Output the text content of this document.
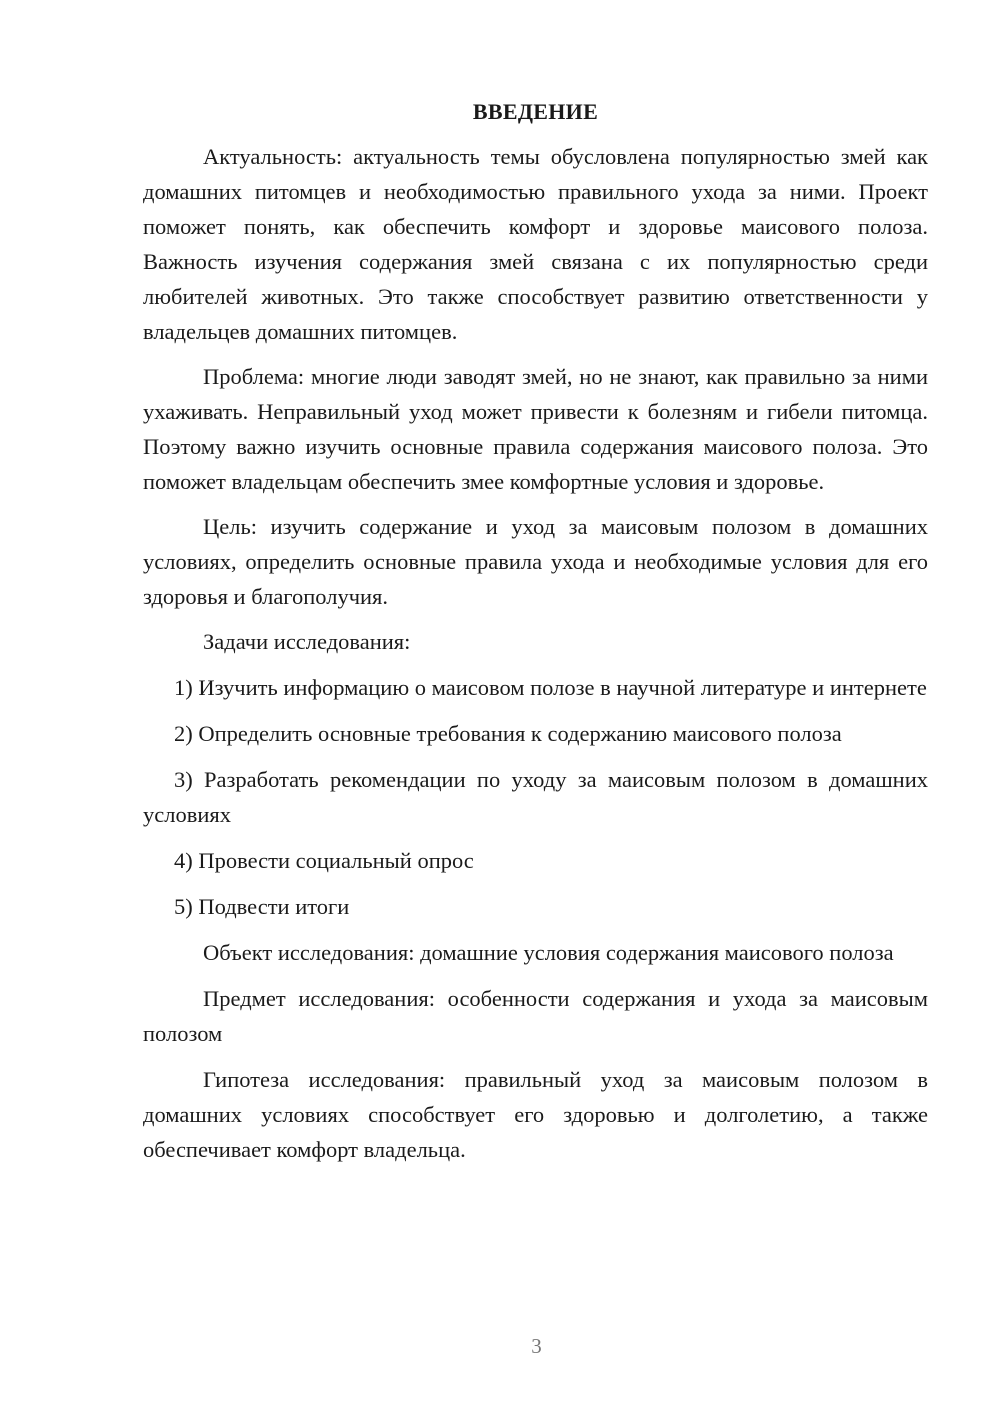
ВВЕДЕНИЕ

Актуальность: актуальность темы обусловлена популярностью змей как домашних питомцев и необходимостью правильного ухода за ними. Проект поможет понять, как обеспечить комфорт и здоровье маисового полоза. Важность изучения содержания змей связана с их популярностью среди любителей животных. Это также способствует развитию ответственности у владельцев домашних питомцев.

Проблема: многие люди заводят змей, но не знают, как правильно за ними ухаживать. Неправильный уход может привести к болезням и гибели питомца. Поэтому важно изучить основные правила содержания маисового полоза. Это поможет владельцам обеспечить змее комфортные условия и здоровье.

Цель: изучить содержание и уход за маисовым полозом в домашних условиях, определить основные правила ухода и необходимые условия для его здоровья и благополучия.

Задачи исследования:

1) Изучить информацию о маисовом полозе в научной литературе и интернете

2) Определить основные требования к содержанию маисового полоза

3) Разработать рекомендации по уходу за маисовым полозом в домашних условиях

4) Провести социальный опрос

5) Подвести итоги

Объект исследования: домашние условия содержания маисового полоза

Предмет исследования: особенности содержания и ухода за маисовым полозом

Гипотеза исследования: правильный уход за маисовым полозом в домашних условиях способствует его здоровью и долголетию, а также обеспечивает комфорт владельца.

3
